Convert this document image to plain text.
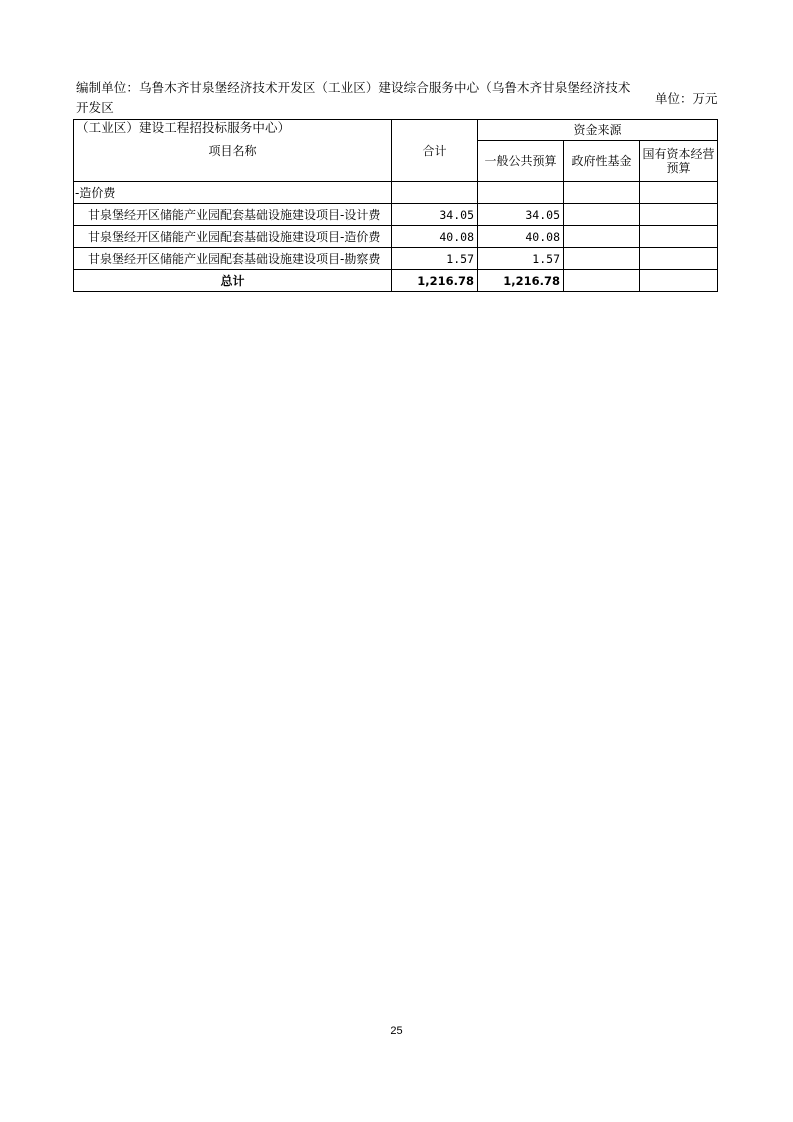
编制单位：乌鲁木齐甘泉堡经济技术开发区（工业区）建设综合服务中心（乌鲁木齐甘泉堡经济技术开发区
（工业区）建设工程招投标服务中心）
单位：万元
项目名称	合计	资金来源		
		一般公共预算	政府性基金	国有资本经营
预算
-造价费				
甘泉堡经开区储能产业园配套基础设施建设项目-设计费	34.05	34.05		
甘泉堡经开区储能产业园配套基础设施建设项目-造价费	40.08	40.08		
甘泉堡经开区储能产业园配套基础设施建设项目-勘察费	1.57	1.57		
总计	1,216.78	1,216.78		
25
